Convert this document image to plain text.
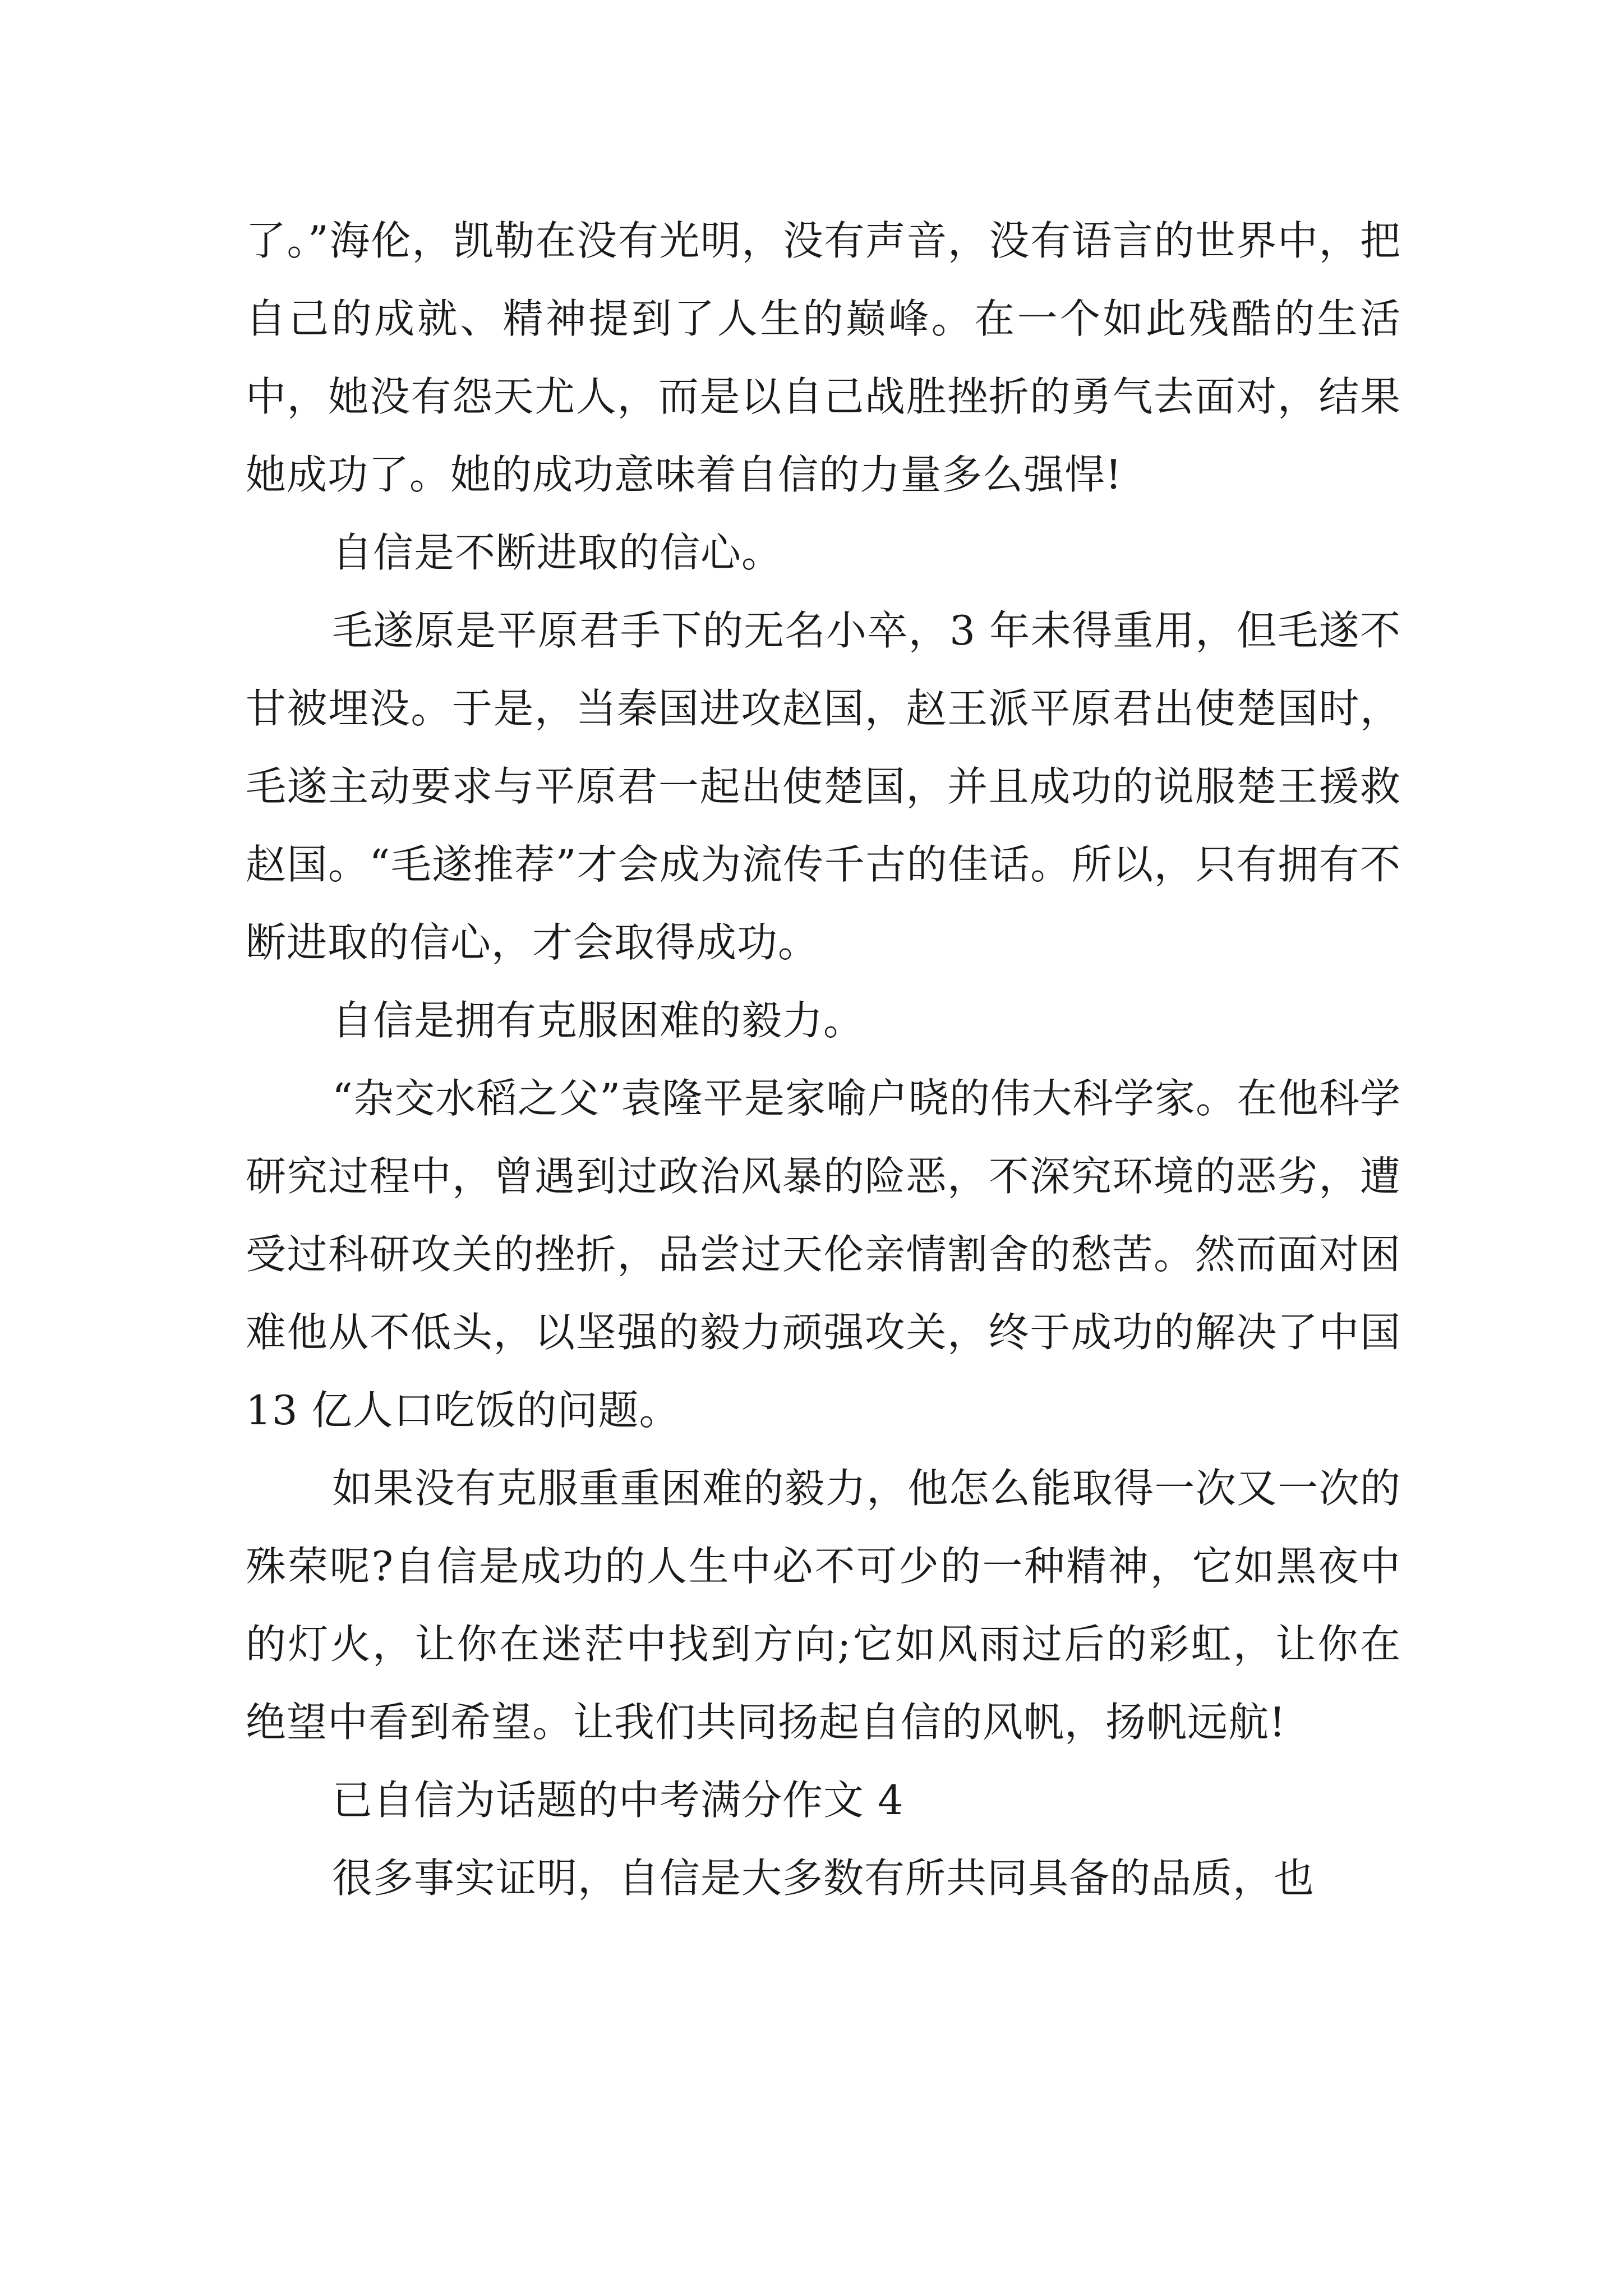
了。”海伦，凯勒在没有光明，没有声音，没有语言的世界中，把自己的成就、精神提到了人生的巅峰。在一个如此残酷的生活中，她没有怨天尤人，而是以自己战胜挫折的勇气去面对，结果她成功了。她的成功意味着自信的力量多么强悍!

自信是不断进取的信心。

毛遂原是平原君手下的无名小卒，3 年未得重用，但毛遂不甘被埋没。于是，当秦国进攻赵国，赵王派平原君出使楚国时，毛遂主动要求与平原君一起出使楚国，并且成功的说服楚王援救赵国。“毛遂推荐”才会成为流传千古的佳话。所以，只有拥有不断进取的信心，才会取得成功。

自信是拥有克服困难的毅力。

“杂交水稻之父”袁隆平是家喻户晓的伟大科学家。在他科学研究过程中，曾遇到过政治风暴的险恶，不深究环境的恶劣，遭受过科研攻关的挫折，品尝过天伦亲情割舍的愁苦。然而面对困难他从不低头，以坚强的毅力顽强攻关，终于成功的解决了中国 13 亿人口吃饭的问题。

如果没有克服重重困难的毅力，他怎么能取得一次又一次的殊荣呢?自信是成功的人生中必不可少的一种精神，它如黑夜中的灯火，让你在迷茫中找到方向;它如风雨过后的彩虹，让你在绝望中看到希望。让我们共同扬起自信的风帆，扬帆远航!

已自信为话题的中考满分作文 4

很多事实证明，自信是大多数有所共同具备的品质，也
